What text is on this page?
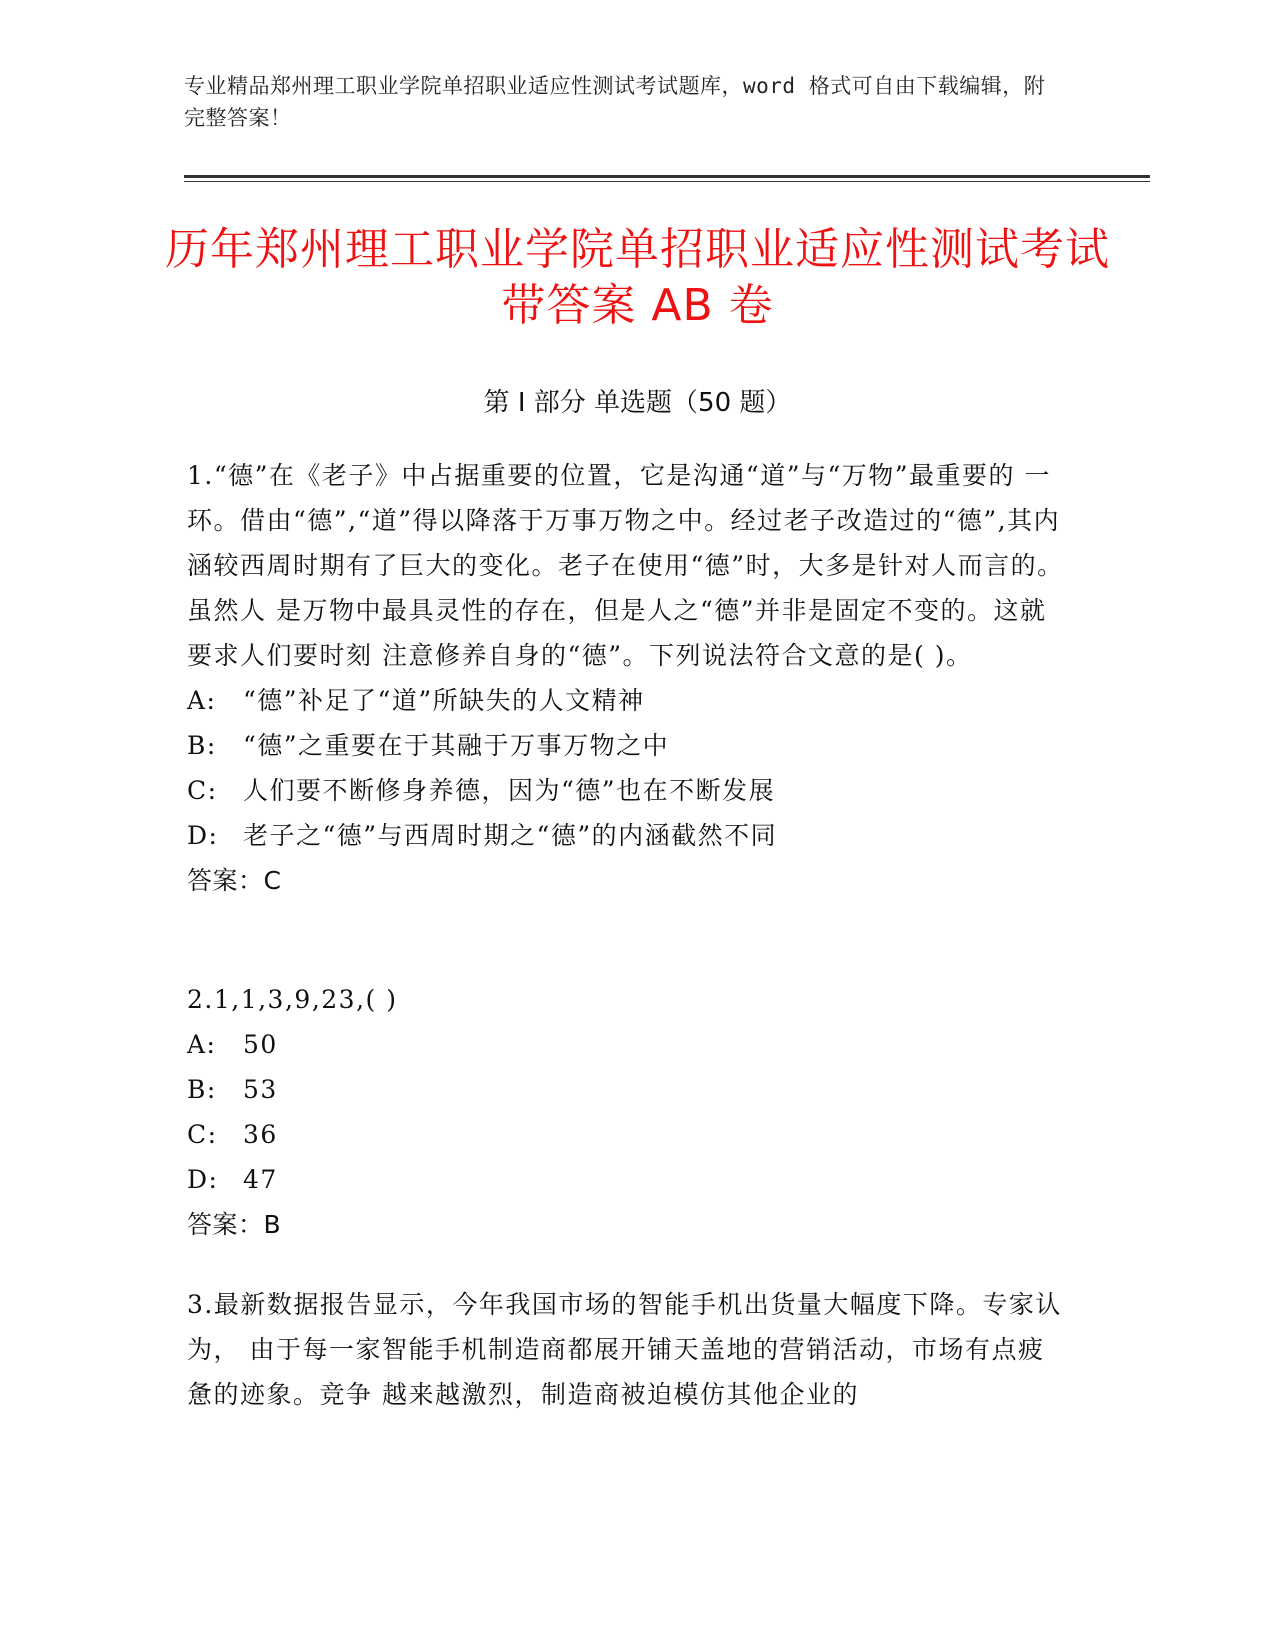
专业精品郑州理工职业学院单招职业适应性测试考试题库，word 格式可自由下载编辑，附完整答案！
历年郑州理工职业学院单招职业适应性测试考试带答案 AB 卷
第 I 部分 单选题（50 题）
1.“德”在《老子》中占据重要的位置，它是沟通“道”与“万物”最重要的 一环。借由“德”,“道”得以降落于万事万物之中。经过老子改造过的“德”,其内 涵较西周时期有了巨大的变化。老子在使用“德”时，大多是针对人而言的。虽然人 是万物中最具灵性的存在，但是人之“德”并非是固定不变的。这就要求人们要时刻 注意修养自身的“德”。下列说法符合文意的是( )。
A: “德”补足了“道”所缺失的人文精神
B: “德”之重要在于其融于万事万物之中
C: 人们要不断修身养德，因为“德”也在不断发展
D: 老子之“德”与西周时期之“德”的内涵截然不同
答案：C
2.1,1,3,9,23,( )
A: 50
B: 53
C: 36
D: 47
答案：B
3.最新数据报告显示，今年我国市场的智能手机出货量大幅度下降。专家认为， 由于每一家智能手机制造商都展开铺天盖地的营销活动，市场有点疲惫的迹象。竞争 越来越激烈，制造商被迫模仿其他企业的
